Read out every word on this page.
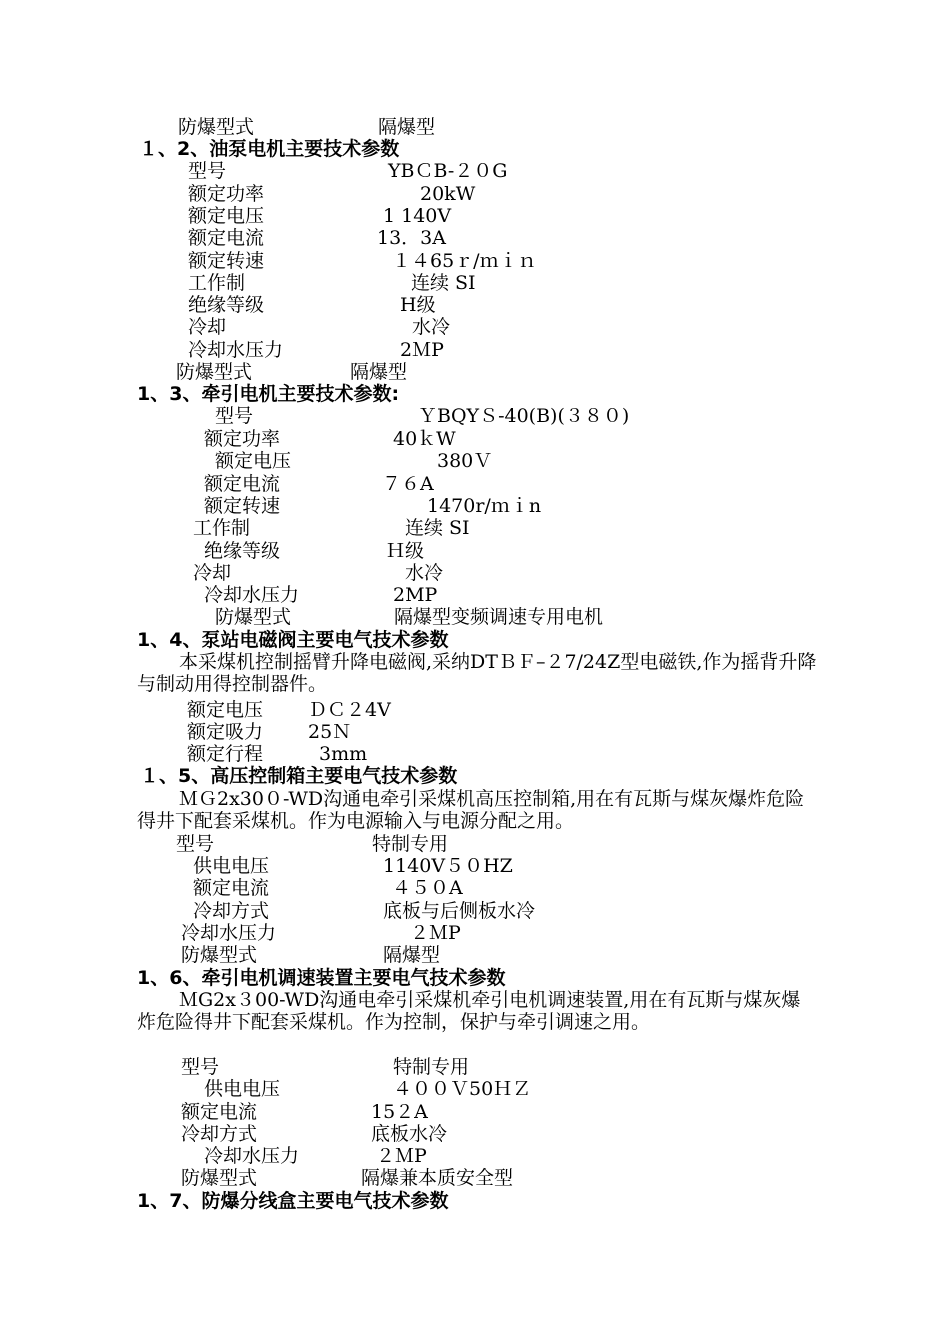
防爆型式	隔爆型
１、2、油泵电机主要技术参数
型号	YBＣB-２０G
额定功率	20kW
额定电压	1 140V
额定电流	13．3A
额定转速	１４65ｒ/ｍｉｎ
工作制	连续 SI
绝缘等级	H级
冷却	水冷
冷却水压力	2ＭP
防爆型式	隔爆型
1、3、牵引电机主要技术参数:
型号	ＹBQYＳ-40(B)(３８０)
额定功率	40ｋW
额定电压	380Ｖ
额定电流	７６A
额定转速	1470r/ｍｉn
工作制	连续 SI
绝缘等级	Ｈ级
冷却	水冷
冷却水压力	2MP
防爆型式	隔爆型变频调速专用电机
1、4、泵站电磁阀主要电气技术参数
本采煤机控制摇臂升降电磁阀,采纳DTＢＦ–２7/24Z型电磁铁,作为摇背升降与制动用得控制器件。
额定电压 ＤＣ２4V
额定吸力 25Ｎ
额定行程	3mm
１、5、高压控制箱主要电气技术参数
ＭＧ2x30０-WD沟通电牵引采煤机高压控制箱,用在有瓦斯与煤灰爆炸危险得井下配套采煤机。作为电源输入与电源分配之用。
型号	特制专用
供电电压	1140V５０HZ
额定电流	４５０A
冷却方式	底板与后侧板水冷
冷却水压力	２ＭP
防爆型式	隔爆型
1、6、牵引电机调速装置主要电气技术参数
ＭG2x３00-WD沟通电牵引采煤机牵引电机调速装置,用在有瓦斯与煤灰爆炸危险得井下配套采煤机。作为控制，保护与牵引调速之用。
型号	特制专用
供电电压	４００Ｖ50ＨＺ
额定电流	15２A
冷却方式	底板水冷
冷却水压力	２ＭP
防爆型式	隔爆兼本质安全型
1、7、防爆分线盒主要电气技术参数
